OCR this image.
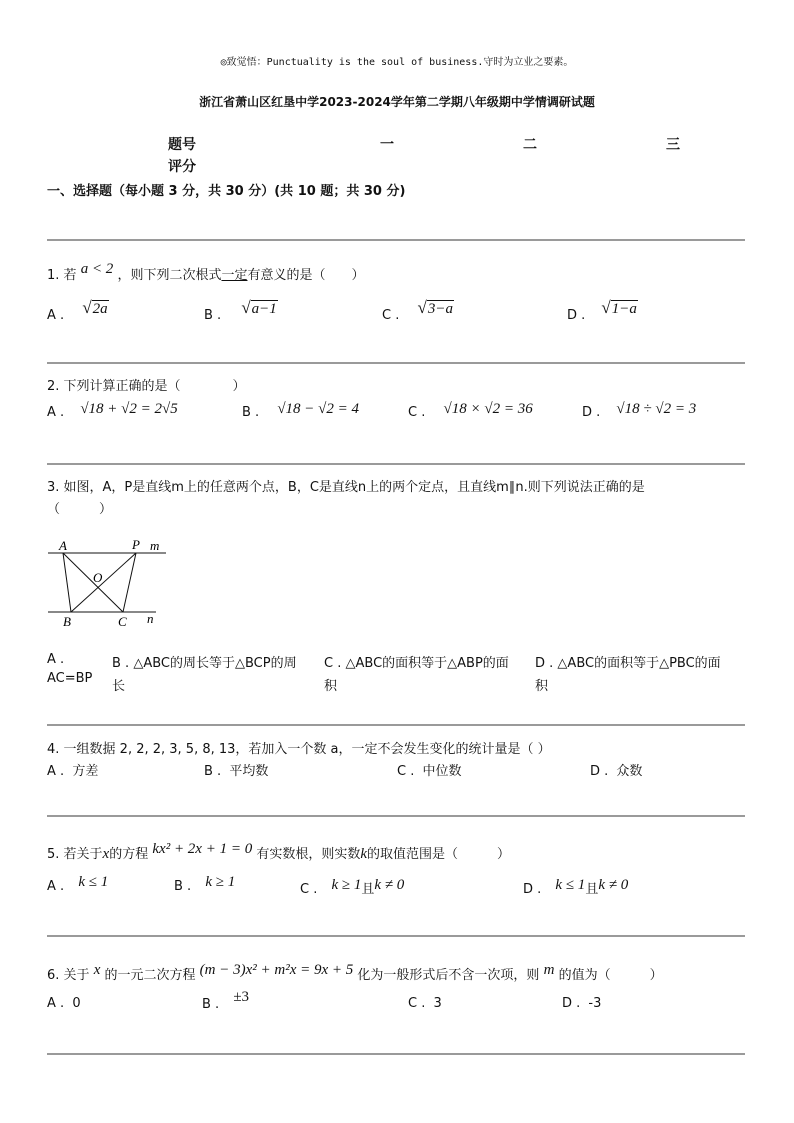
◎致觉悟：Punctuality is the soul of business.守时为立业之要素。
浙江省萧山区红垦中学2023-2024学年第二学期八年级期中学情调研试题
题号	一	二	三
评分
一、选择题（每小题 3 分，共 30 分）(共 10 题；共 30 分)
1. 若 a < 2 ，则下列二次根式一定有意义的是（　　）
A . √2a	B . √a−1	C . √3−a	D . √1−a
2. 下列计算正确的是（　　　　）
A . √18 + √2 = 2√5	B . √18 − √2 = 4	C . √18 × √2 = 36	D . √18 ÷ √2 = 3
3. 如图，A，P是直线m上的任意两个点，B，C是直线n上的两个定点，且直线m∥n.则下列说法正确的是
（　　　）
A	P m
O
B	C n
A .
AC=BP
B . △ABC的周长等于△BCP的周
长
C . △ABC的面积等于△ABP的面
积
D . △ABC的面积等于△PBC的面
积
4. 一组数据 2, 2, 2, 3, 5, 8, 13，若加入一个数 a，一定不会发生变化的统计量是（ ）
A . 方差	B . 平均数	C . 中位数	D . 众数
5. 若关于x的方程 kx² + 2x + 1 = 0 有实数根，则实数k的取值范围是（　　　）
A . k ≤ 1	B . k ≥ 1	C . k ≥ 1且k ≠ 0	D . k ≤ 1且k ≠ 0
6. 关于 x 的一元二次方程 (m − 3)x² + m²x = 9x + 5 化为一般形式后不含一次项，则 m 的值为（　　　）
A . 0	B . ±3	C . 3	D . -3
